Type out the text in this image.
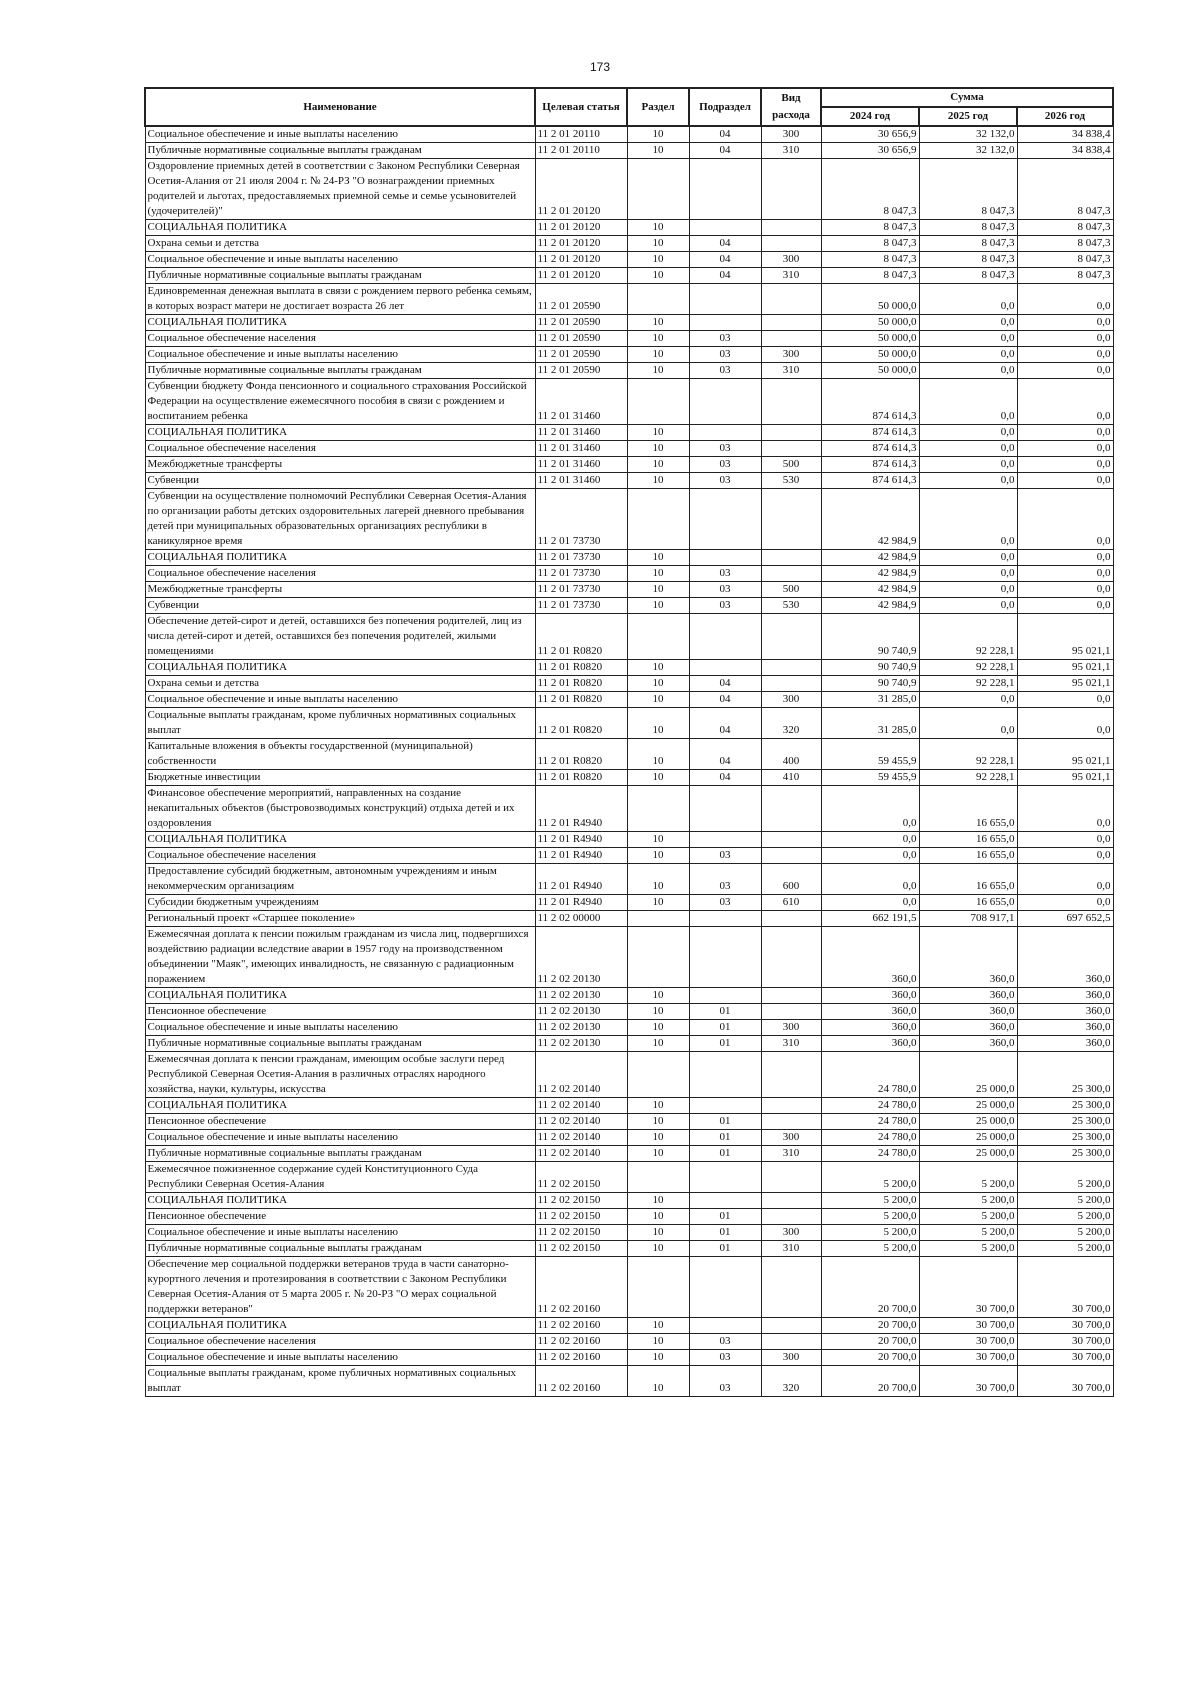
173
Наименование	Целевая статья	Раздел	Подраздел	Вид расхода	Сумма		
					2024 год	2025 год	2026 год
Социальное обеспечение и иные выплаты населению	11 2 01 20110	10	04	300	30 656,9	32 132,0	34 838,4
Публичные нормативные социальные выплаты гражданам	11 2 01 20110	10	04	310	30 656,9	32 132,0	34 838,4
Оздоровление приемных детей в соответствии с Законом Республики Северная Осетия-Алания от 21 июля 2004 г. № 24-РЗ "О вознаграждении приемных родителей и льготах, предоставляемых приемной семье и семье усыновителей (удочерителей)"	11 2 01 20120				8 047,3	8 047,3	8 047,3
СОЦИАЛЬНАЯ ПОЛИТИКА	11 2 01 20120	10			8 047,3	8 047,3	8 047,3
Охрана семьи и детства	11 2 01 20120	10	04		8 047,3	8 047,3	8 047,3
Социальное обеспечение и иные выплаты населению	11 2 01 20120	10	04	300	8 047,3	8 047,3	8 047,3
Публичные нормативные социальные выплаты гражданам	11 2 01 20120	10	04	310	8 047,3	8 047,3	8 047,3
Единовременная денежная выплата в связи с рождением первого ребенка семьям, в которых возраст матери не достигает возраста 26 лет	11 2 01 20590				50 000,0	0,0	0,0
СОЦИАЛЬНАЯ ПОЛИТИКА	11 2 01 20590	10			50 000,0	0,0	0,0
Социальное обеспечение населения	11 2 01 20590	10	03		50 000,0	0,0	0,0
Социальное обеспечение и иные выплаты населению	11 2 01 20590	10	03	300	50 000,0	0,0	0,0
Публичные нормативные социальные выплаты гражданам	11 2 01 20590	10	03	310	50 000,0	0,0	0,0
Субвенции бюджету Фонда пенсионного и социального страхования Российской Федерации на осуществление ежемесячного пособия в связи с рождением и воспитанием ребенка	11 2 01 31460				874 614,3	0,0	0,0
СОЦИАЛЬНАЯ ПОЛИТИКА	11 2 01 31460	10			874 614,3	0,0	0,0
Социальное обеспечение населения	11 2 01 31460	10	03		874 614,3	0,0	0,0
Межбюджетные трансферты	11 2 01 31460	10	03	500	874 614,3	0,0	0,0
Субвенции	11 2 01 31460	10	03	530	874 614,3	0,0	0,0
Субвенции на осуществление полномочий Республики Северная Осетия-Алания по организации работы детских оздоровительных лагерей дневного пребывания детей при муниципальных образовательных организациях республики в каникулярное время	11 2 01 73730				42 984,9	0,0	0,0
СОЦИАЛЬНАЯ ПОЛИТИКА	11 2 01 73730	10			42 984,9	0,0	0,0
Социальное обеспечение населения	11 2 01 73730	10	03		42 984,9	0,0	0,0
Межбюджетные трансферты	11 2 01 73730	10	03	500	42 984,9	0,0	0,0
Субвенции	11 2 01 73730	10	03	530	42 984,9	0,0	0,0
Обеспечение детей-сирот и детей, оставшихся без попечения родителей, лиц из числа детей-сирот и детей, оставшихся без попечения родителей, жилыми помещениями	11 2 01 R0820				90 740,9	92 228,1	95 021,1
СОЦИАЛЬНАЯ ПОЛИТИКА	11 2 01 R0820	10			90 740,9	92 228,1	95 021,1
Охрана семьи и детства	11 2 01 R0820	10	04		90 740,9	92 228,1	95 021,1
Социальное обеспечение и иные выплаты населению	11 2 01 R0820	10	04	300	31 285,0	0,0	0,0
Социальные выплаты гражданам, кроме публичных нормативных социальных выплат	11 2 01 R0820	10	04	320	31 285,0	0,0	0,0
Капитальные вложения в объекты государственной (муниципальной) собственности	11 2 01 R0820	10	04	400	59 455,9	92 228,1	95 021,1
Бюджетные инвестиции	11 2 01 R0820	10	04	410	59 455,9	92 228,1	95 021,1
Финансовое обеспечение мероприятий, направленных на создание некапитальных объектов (быстровозводимых конструкций) отдыха детей и их оздоровления	11 2 01 R4940				0,0	16 655,0	0,0
СОЦИАЛЬНАЯ ПОЛИТИКА	11 2 01 R4940	10			0,0	16 655,0	0,0
Социальное обеспечение населения	11 2 01 R4940	10	03		0,0	16 655,0	0,0
Предоставление субсидий бюджетным, автономным учреждениям и иным некоммерческим организациям	11 2 01 R4940	10	03	600	0,0	16 655,0	0,0
Субсидии бюджетным учреждениям	11 2 01 R4940	10	03	610	0,0	16 655,0	0,0
Региональный проект «Старшее поколение»	11 2 02 00000				662 191,5	708 917,1	697 652,5
Ежемесячная доплата к пенсии пожилым гражданам из числа лиц, подвергшихся воздействию радиации вследствие аварии в 1957 году на производственном объединении "Маяк", имеющих инвалидность, не связанную с радиационным поражением	11 2 02 20130				360,0	360,0	360,0
СОЦИАЛЬНАЯ ПОЛИТИКА	11 2 02 20130	10			360,0	360,0	360,0
Пенсионное обеспечение	11 2 02 20130	10	01		360,0	360,0	360,0
Социальное обеспечение и иные выплаты населению	11 2 02 20130	10	01	300	360,0	360,0	360,0
Публичные нормативные социальные выплаты гражданам	11 2 02 20130	10	01	310	360,0	360,0	360,0
Ежемесячная доплата к пенсии гражданам, имеющим особые заслуги перед Республикой Северная Осетия-Алания в различных отраслях народного хозяйства, науки, культуры, искусства	11 2 02 20140				24 780,0	25 000,0	25 300,0
СОЦИАЛЬНАЯ ПОЛИТИКА	11 2 02 20140	10			24 780,0	25 000,0	25 300,0
Пенсионное обеспечение	11 2 02 20140	10	01		24 780,0	25 000,0	25 300,0
Социальное обеспечение и иные выплаты населению	11 2 02 20140	10	01	300	24 780,0	25 000,0	25 300,0
Публичные нормативные социальные выплаты гражданам	11 2 02 20140	10	01	310	24 780,0	25 000,0	25 300,0
Ежемесячное пожизненное содержание судей Конституционного Суда Республики Северная Осетия-Алания	11 2 02 20150				5 200,0	5 200,0	5 200,0
СОЦИАЛЬНАЯ ПОЛИТИКА	11 2 02 20150	10			5 200,0	5 200,0	5 200,0
Пенсионное обеспечение	11 2 02 20150	10	01		5 200,0	5 200,0	5 200,0
Социальное обеспечение и иные выплаты населению	11 2 02 20150	10	01	300	5 200,0	5 200,0	5 200,0
Публичные нормативные социальные выплаты гражданам	11 2 02 20150	10	01	310	5 200,0	5 200,0	5 200,0
Обеспечение мер социальной поддержки ветеранов труда в части санаторно-курортного лечения и протезирования в соответствии с Законом Республики Северная Осетия-Алания от 5 марта 2005 г. № 20-РЗ "О мерах социальной поддержки ветеранов"	11 2 02 20160				20 700,0	30 700,0	30 700,0
СОЦИАЛЬНАЯ ПОЛИТИКА	11 2 02 20160	10			20 700,0	30 700,0	30 700,0
Социальное обеспечение населения	11 2 02 20160	10	03		20 700,0	30 700,0	30 700,0
Социальное обеспечение и иные выплаты населению	11 2 02 20160	10	03	300	20 700,0	30 700,0	30 700,0
Социальные выплаты гражданам, кроме публичных нормативных социальных выплат	11 2 02 20160	10	03	320	20 700,0	30 700,0	30 700,0
